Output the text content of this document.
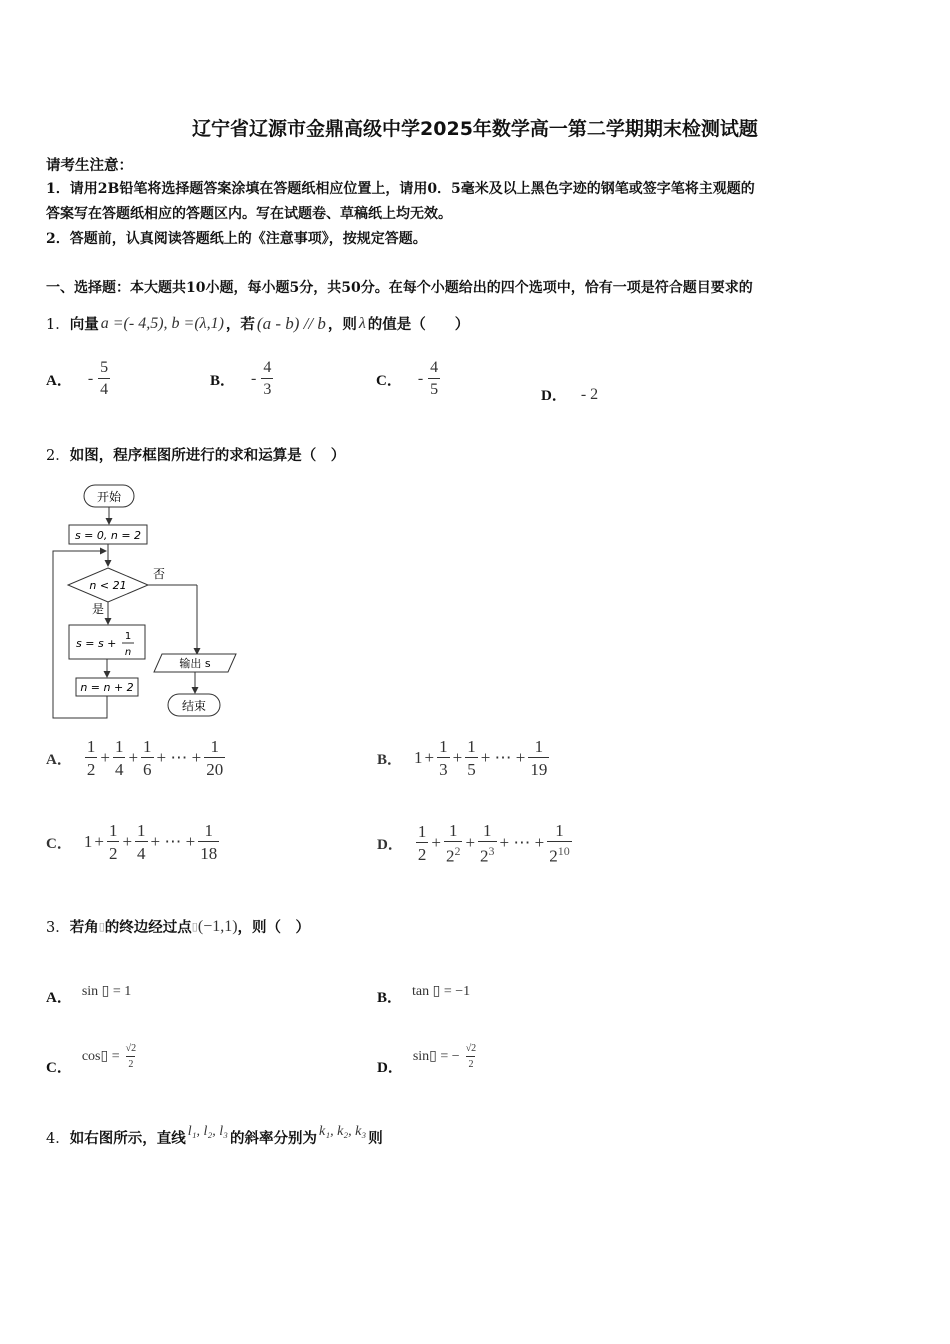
辽宁省辽源市金鼎高级中学2025年数学高一第二学期期末检测试题
请考生注意：
1．请用2B铅笔将选择题答案涂填在答题纸相应位置上，请用0．5毫米及以上黑色字迹的钢笔或签字笔将主观题的
答案写在答题纸相应的答题区内。写在试题卷、草稿纸上均无效。
2．答题前，认真阅读答题纸上的《注意事项》，按规定答题。
一、选择题：本大题共10小题，每小题5分，共50分。在每个小题给出的四个选项中，恰有一项是符合题目要求的
1． 向量 a =(- 4,5), b =(λ,1) ，若 (a - b) // b ，则 λ 的值是（　　）
A． - $\frac{5}{4}$	B． - $\frac{4}{3}$	C． - $\frac{4}{5}$	D． - 2
2．如图，程序框图所进行的求和运算是（　）
开始
s = 0, n = 2
n < 21
否
是
s = s +
1
n
n = n + 2
输出 s
结束
A． $\frac{1}{2} + \frac{1}{4} + \frac{1}{6}$ + ⋯ + $\frac{1}{20}$	B． $1 + \frac{1}{3} + \frac{1}{5}$ + ⋯ + $\frac{1}{19}$
C． $1 + \frac{1}{2} + \frac{1}{4}$ + ⋯ + $\frac{1}{18}$	D． $\frac{1}{2} + \frac{1}{2^2} + \frac{1}{2^3}$ + ⋯ + $\frac{1}{2^{10}}$
3． 若角 ▯ 的终边经过点 ▯ (−1,1) ，则（　）
A． sin ▯ = 1	B． tan ▯ = −1
C．
cos▯ = $\frac{√2}{2}$	D．
sin▯ = − $\frac{√2}{2}$
4． 如右图所示，直线 l₁, l₂, l₃ 的斜率分别为 k₁, k₂, k₃ 则
